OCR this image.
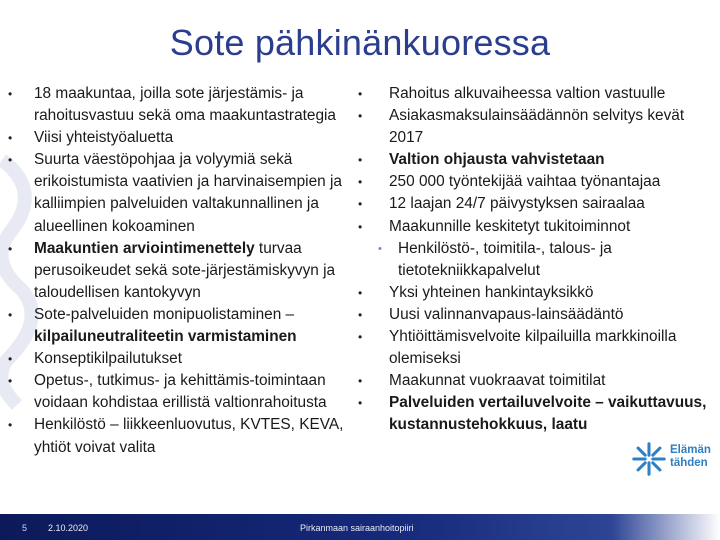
Sote pähkinänkuoressa
•	18 maakuntaa, joilla sote järjestämis- ja rahoitusvastuu sekä oma maakuntastrategia
•	Viisi yhteistyöaluetta
•	Suurta väestöpohjaa ja volyymiä sekä erikoistumista vaativien ja harvinaisempien ja kalliimpien palveluiden valtakunnallinen ja alueellinen kokoaminen
•	Maakuntien arviointimenettely turvaa perusoikeudet sekä sote-järjestämiskyvyn ja taloudellisen kantokyvyn
•	Sote-palveluiden monipuolistaminen – kilpailuneutraliteetin varmistaminen
•	Konseptikilpailutukset
•	Opetus-, tutkimus- ja kehittämis-toimintaan voidaan kohdistaa erillistä valtionrahoitusta
•	Henkilöstö – liikkeenluovutus, KVTES, KEVA, yhtiöt voivat valita
•	Rahoitus alkuvaiheessa valtion vastuulle
•	Asiakasmaksulainsäädännön selvitys kevät 2017
•	Valtion ohjausta vahvistetaan
•	250 000 työntekijää vaihtaa työnantajaa
•	12 laajan 24/7 päivystyksen sairaalaa
•	Maakunnille keskitetyt tukitoiminnot
• Henkilöstö-, toimitila-, talous- ja tietotekniikkapalvelut
•	Yksi yhteinen hankintayksikkö
•	Uusi valinnanvapaus-lainsäädäntö
•	Yhtiöittämisvelvoite kilpailuilla markkinoilla olemiseksi
•	Maakunnat vuokraavat toimitilat
•	Palveluiden vertailuvelvoite – vaikuttavuus, kustannustehokkuus, laatu
Elämän
tähden
5 2.10.2020	Pirkanmaan sairaanhoitopiiri
